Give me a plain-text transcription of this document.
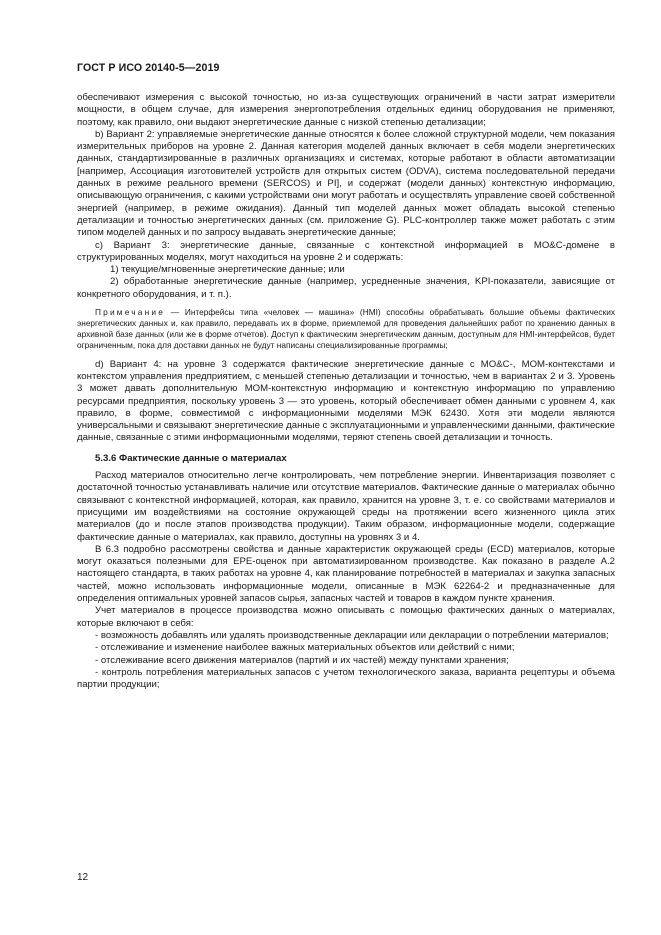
ГОСТ Р ИСО 20140-5—2019

обеспечивают измерения с высокой точностью, но из-за существующих ограничений в части затрат измерители мощности, в общем случае, для измерения энергопотребления отдельных единиц оборудования не применяют, поэтому, как правило, они выдают энергетические данные с низкой степенью детализации;

b) Вариант 2: управляемые энергетические данные относятся к более сложной структурной модели, чем показания измерительных приборов на уровне 2. Данная категория моделей данных включает в себя модели энергетических данных, стандартизированные в различных организациях и системах, которые работают в области автоматизации [например, Ассоциация изготовителей устройств для открытых систем (ODVA), система последовательной передачи данных в режиме реального времени (SERCOS) и PI], и содержат (модели данных) контекстную информацию, описывающую ограничения, с какими устройствами они могут работать и осуществлять управление своей собственной энергией (например, в режиме ожидания). Данный тип моделей данных может обладать высокой степенью детализации и точностью энергетических данных (см. приложение G). PLC-контроллер также может работать с этим типом моделей данных и по запросу выдавать энергетические данные;

c) Вариант 3: энергетические данные, связанные с контекстной информацией в MO&C-домене в структурированных моделях, могут находиться на уровне 2 и содержать:

1) текущие/мгновенные энергетические данные; или

2) обработанные энергетические данные (например, усредненные значения, KPI-показатели, зависящие от конкретного оборудования, и т. п.).

Примечание — Интерфейсы типа «человек — машина» (HMI) способны обрабатывать большие объемы фактических энергетических данных и, как правило, передавать их в форме, приемлемой для проведения дальнейших работ по хранению данных в архивной базе данных (или же в форме отчетов). Доступ к фактическим энергетическим данным, доступным для HMI-интерфейсов, будет ограниченным, пока для доставки данных не будут написаны специализированные программы;

d) Вариант 4: на уровне 3 содержатся фактические энергетические данные с MO&C-, MOM-контекстами и контекстом управления предприятием, с меньшей степенью детализации и точностью, чем в вариантах 2 и 3. Уровень 3 может давать дополнительную MOM-контекстную информацию и контекстную информацию по управлению ресурсами предприятия, поскольку уровень 3 — это уровень, который обеспечивает обмен данными с уровнем 4, как правило, в форме, совместимой с информационными моделями МЭК 62430. Хотя эти модели являются универсальными и связывают энергетические данные с эксплуатационными и управленческими данными, фактические данные, связанные с этими информационными моделями, теряют степень своей детализации и точность.

5.3.6 Фактические данные о материалах

Расход материалов относительно легче контролировать, чем потребление энергии. Инвентаризация позволяет с достаточной точностью устанавливать наличие или отсутствие материалов. Фактические данные о материалах обычно связывают с контекстной информацией, которая, как правило, хранится на уровне 3, т. е. со свойствами материалов и присущими им воздействиями на состояние окружающей среды на протяжении всего жизненного цикла этих материалов (до и после этапов производства продукции). Таким образом, информационные модели, содержащие фактические данные о материалах, как правило, доступны на уровнях 3 и 4.

В 6.3 подробно рассмотрены свойства и данные характеристик окружающей среды (ECD) материалов, которые могут оказаться полезными для EPE-оценок при автоматизированном производстве. Как показано в разделе А.2 настоящего стандарта, в таких работах на уровне 4, как планирование потребностей в материалах и закупка запасных частей, можно использовать информационные модели, описанные в МЭК 62264-2 и предназначенные для определения оптимальных уровней запасов сырья, запасных частей и товаров в каждом пункте хранения.

Учет материалов в процессе производства можно описывать с помощью фактических данных о материалах, которые включают в себя:

- возможность добавлять или удалять производственные декларации или декларации о потреблении материалов;

- отслеживание и изменение наиболее важных материальных объектов или действий с ними;

- отслеживание всего движения материалов (партий и их частей) между пунктами хранения;

- контроль потребления материальных запасов с учетом технологического заказа, варианта рецептуры и объема партии продукции;

12
